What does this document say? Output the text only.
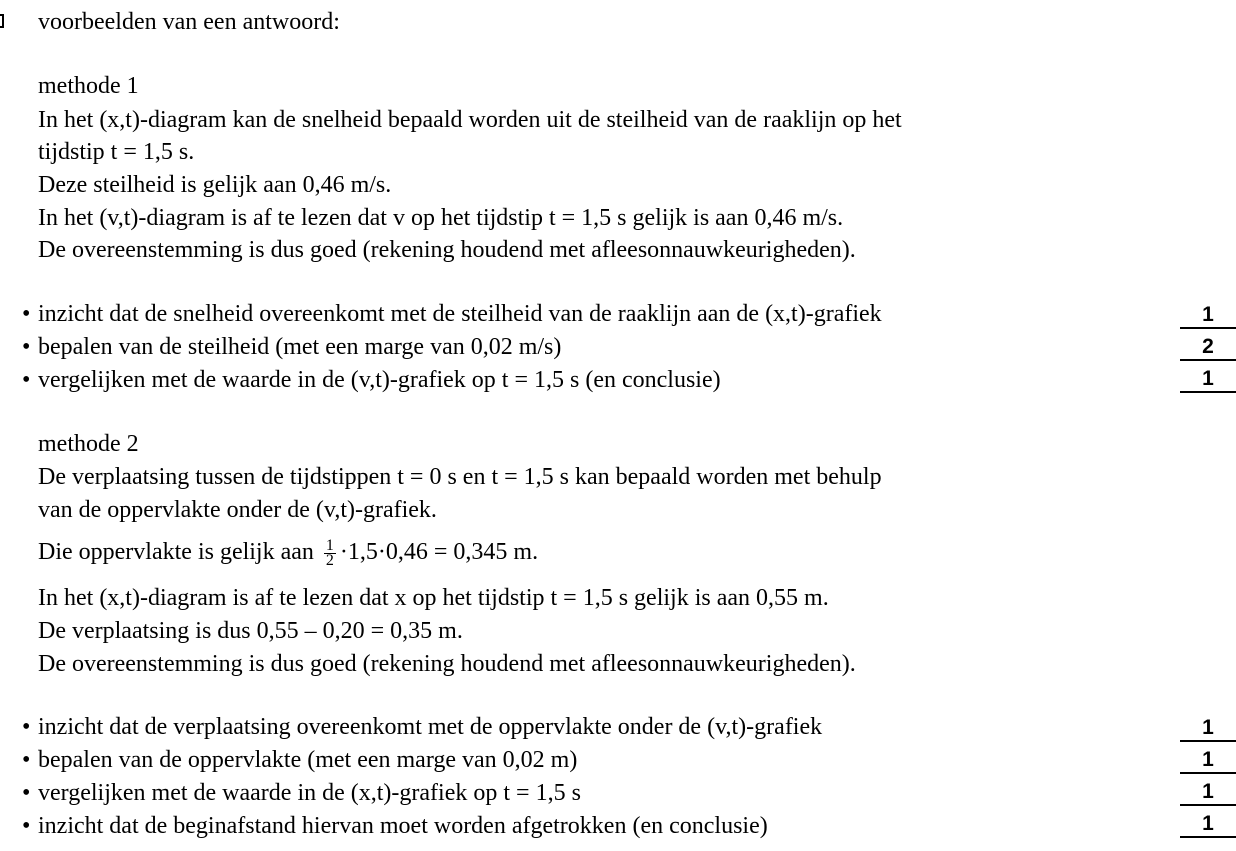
voorbeelden van een antwoord:
methode 1
In het (x,t)-diagram kan de snelheid bepaald worden uit de steilheid van de raaklijn op het
tijdstip t = 1,5 s.
Deze steilheid is gelijk aan 0,46 m/s.
In het (v,t)-diagram is af te lezen dat v op het tijdstip t = 1,5 s gelijk is aan 0,46 m/s.
De overeenstemming is dus goed (rekening houdend met afleesonnauwkeurigheden).
• inzicht dat de snelheid overeenkomt met de steilheid van de raaklijn aan de (x,t)-grafiek	1
• bepalen van de steilheid (met een marge van 0,02 m/s)	2
• vergelijken met de waarde in de (v,t)-grafiek op t = 1,5 s (en conclusie)	1
methode 2
De verplaatsing tussen de tijdstippen t = 0 s en t = 1,5 s kan bepaald worden met behulp
van de oppervlakte onder de (v,t)-grafiek.
Die oppervlakte is gelijk aan $\frac{1}{2} \cdot 1,5\cdot 0,46 = 0,345$ m.
In het (x,t)-diagram is af te lezen dat x op het tijdstip t = 1,5 s gelijk is aan 0,55 m.
De verplaatsing is dus 0,55 – 0,20 = 0,35 m.
De overeenstemming is dus goed (rekening houdend met afleesonnauwkeurigheden).
• inzicht dat de verplaatsing overeenkomt met de oppervlakte onder de (v,t)-grafiek	1
• bepalen van de oppervlakte (met een marge van 0,02 m)	1
• vergelijken met de waarde in de (x,t)-grafiek op t = 1,5 s	1
• inzicht dat de beginafstand hiervan moet worden afgetrokken (en conclusie)	1
